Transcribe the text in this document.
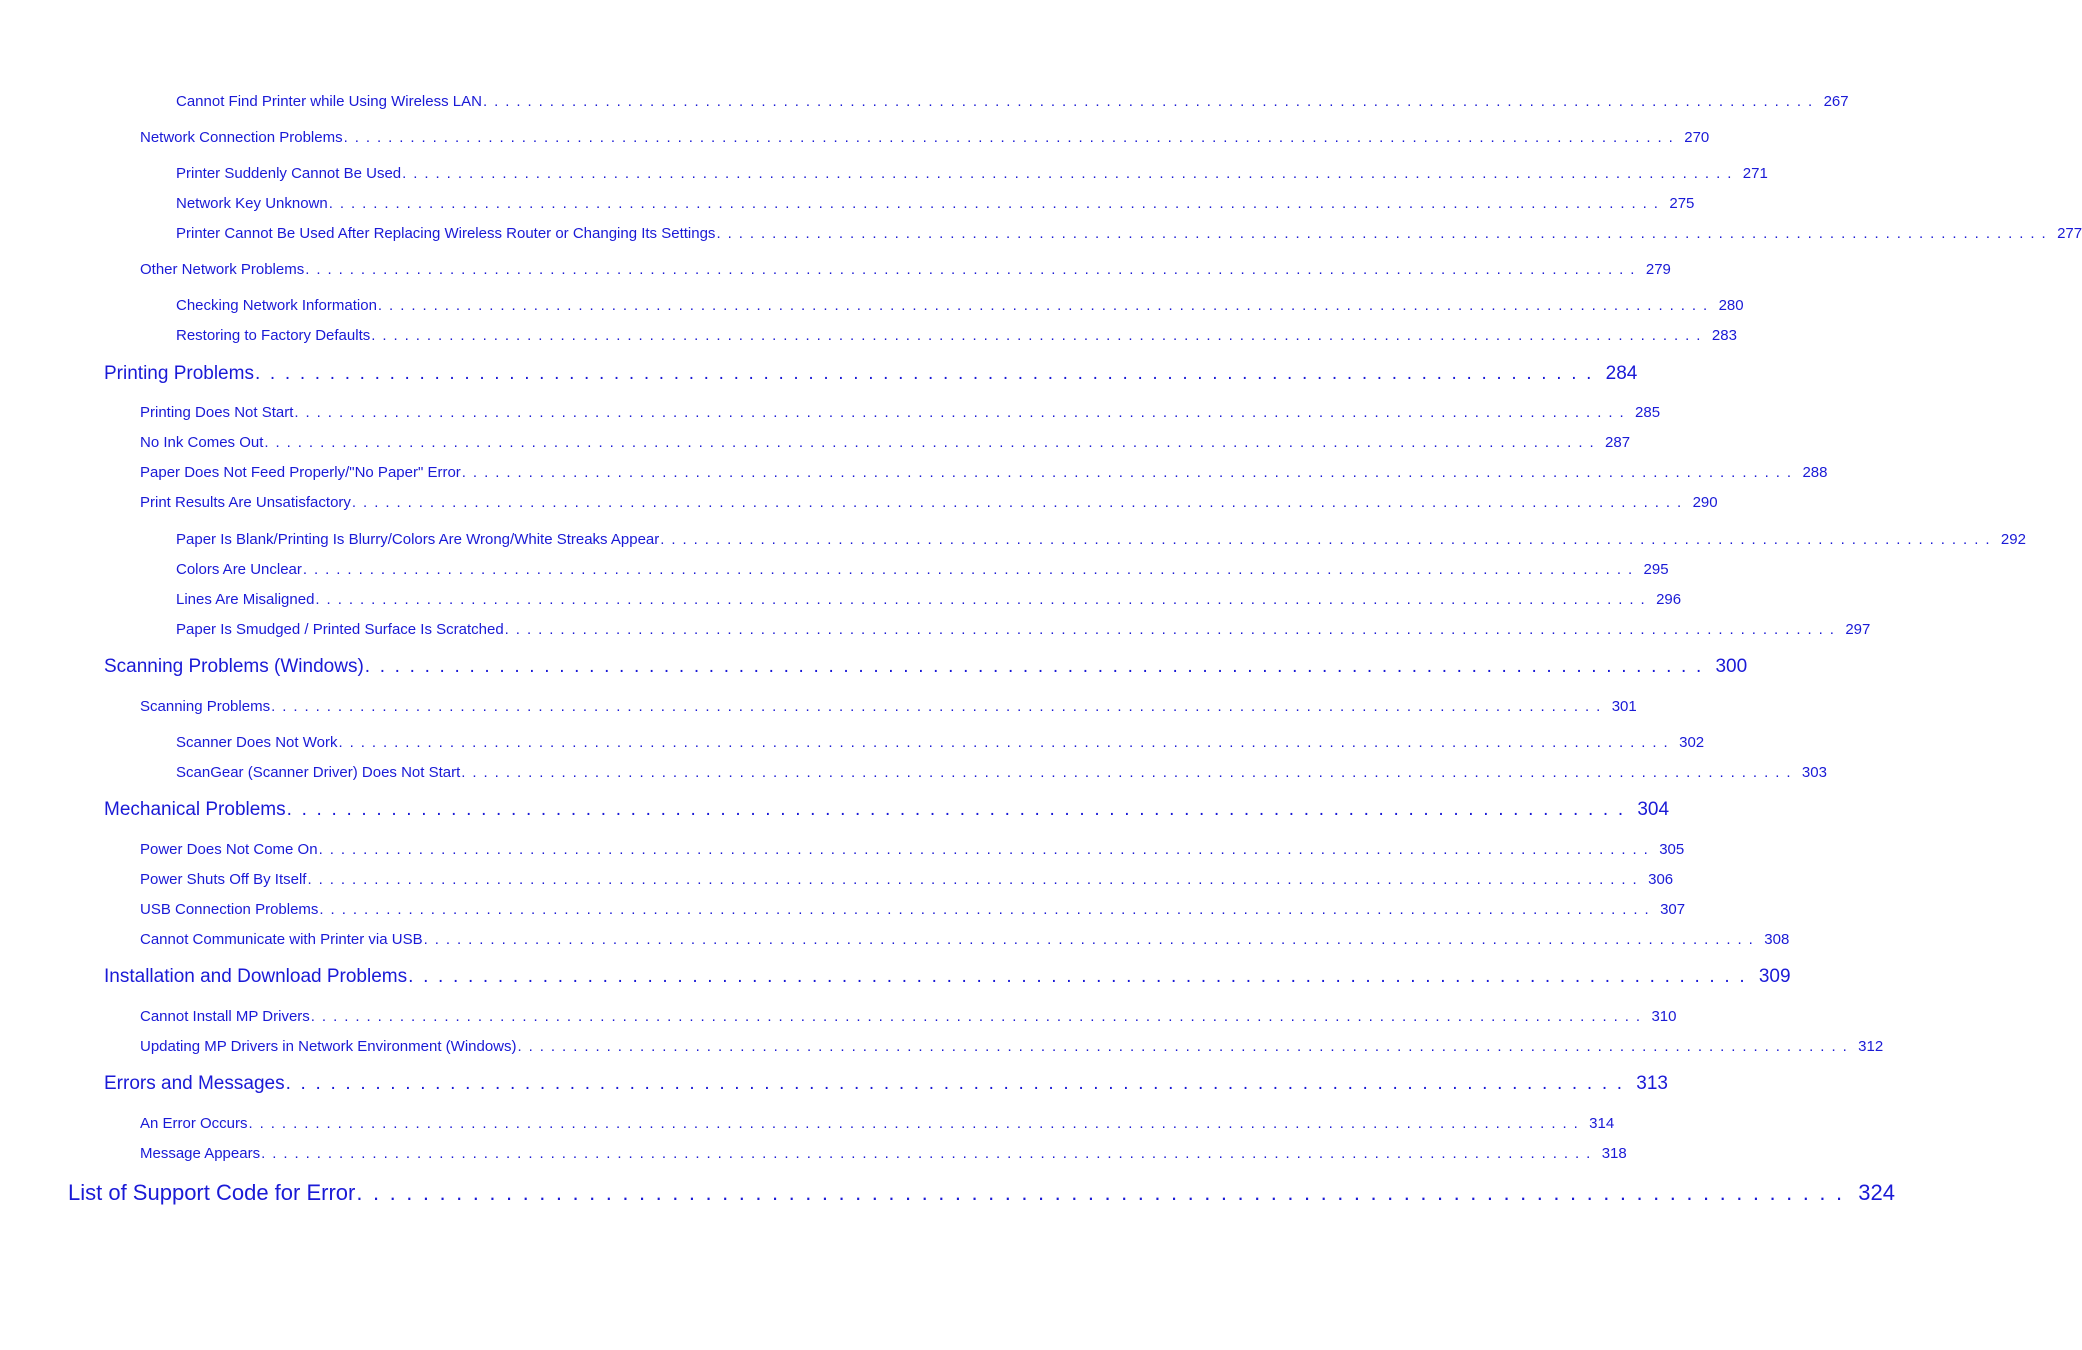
Cannot Find Printer while Using Wireless LAN . . . . . . . . . . . . . . . . . . . . . . . . . . . . . . . . . . . . . . . . . . . . . . . . . . . . . . . . . . . . . . . . . . . . . . . . . . . . . . . . . . . . . . . . . . . . . . . . . . . . . . . . . . . . . . . . . . . . . . . . 267
Network Connection Problems . . . . . . . . . . . . . . . . . . . . . . . . . . . . . . . . . . . . . . . . . . . . . . . . . . . . . . . . . . . . . . . . . . . . . . . . . . . . . . . . . . . . . . . . . . . . . . . . . . . . . . . . . . . . . . . . . . . . . . . . 270
Printer Suddenly Cannot Be Used . . . . . . . . . . . . . . . . . . . . . . . . . . . . . . . . . . . . . . . . . . . . . . . . . . . . . . . . . . . . . . . . . . . . . . . . . . . . . . . . . . . . . . . . . . . . . . . . . . . . . . . . . . . . . . . . . . . . . . . . 271
Network Key Unknown . . . . . . . . . . . . . . . . . . . . . . . . . . . . . . . . . . . . . . . . . . . . . . . . . . . . . . . . . . . . . . . . . . . . . . . . . . . . . . . . . . . . . . . . . . . . . . . . . . . . . . . . . . . . . . . . . . . . . . . . 275
Printer Cannot Be Used After Replacing Wireless Router or Changing Its Settings . . . . . . . . . . . . . . . . . . . . . . . . . . . . . . . . . . . . . . . . . . . . . . . . . . . . . . . . . . . . . . . . . . . . . . . . . . . . . . . . . . . . . . . . . . . . . . . . . . . . . . . . . . . . . . . . . . . . . . . . 277
Other Network Problems . . . . . . . . . . . . . . . . . . . . . . . . . . . . . . . . . . . . . . . . . . . . . . . . . . . . . . . . . . . . . . . . . . . . . . . . . . . . . . . . . . . . . . . . . . . . . . . . . . . . . . . . . . . . . . . . . . . . . . . . 279
Checking Network Information . . . . . . . . . . . . . . . . . . . . . . . . . . . . . . . . . . . . . . . . . . . . . . . . . . . . . . . . . . . . . . . . . . . . . . . . . . . . . . . . . . . . . . . . . . . . . . . . . . . . . . . . . . . . . . . . . . . . . . . . 280
Restoring to Factory Defaults . . . . . . . . . . . . . . . . . . . . . . . . . . . . . . . . . . . . . . . . . . . . . . . . . . . . . . . . . . . . . . . . . . . . . . . . . . . . . . . . . . . . . . . . . . . . . . . . . . . . . . . . . . . . . . . . . . . . . . . . 283
Printing Problems . . . . . . . . . . . . . . . . . . . . . . . . . . . . . . . . . . . . . . . . . . . . . . . . . . . . . . . . . . . . . . . . . . . . . . . . . . . . . . . . . . . . . . . . . . 284
Printing Does Not Start . . . . . . . . . . . . . . . . . . . . . . . . . . . . . . . . . . . . . . . . . . . . . . . . . . . . . . . . . . . . . . . . . . . . . . . . . . . . . . . . . . . . . . . . . . . . . . . . . . . . . . . . . . . . . . . . . . . . . . . . 285
No Ink Comes Out . . . . . . . . . . . . . . . . . . . . . . . . . . . . . . . . . . . . . . . . . . . . . . . . . . . . . . . . . . . . . . . . . . . . . . . . . . . . . . . . . . . . . . . . . . . . . . . . . . . . . . . . . . . . . . . . . . . . . . . . 287
Paper Does Not Feed Properly/"No Paper" Error . . . . . . . . . . . . . . . . . . . . . . . . . . . . . . . . . . . . . . . . . . . . . . . . . . . . . . . . . . . . . . . . . . . . . . . . . . . . . . . . . . . . . . . . . . . . . . . . . . . . . . . . . . . . . . . . . . . . . . . . 288
Print Results Are Unsatisfactory . . . . . . . . . . . . . . . . . . . . . . . . . . . . . . . . . . . . . . . . . . . . . . . . . . . . . . . . . . . . . . . . . . . . . . . . . . . . . . . . . . . . . . . . . . . . . . . . . . . . . . . . . . . . . . . . . . . . . . . . 290
Paper Is Blank/Printing Is Blurry/Colors Are Wrong/White Streaks Appear . . . . . . . . . . . . . . . . . . . . . . . . . . . . . . . . . . . . . . . . . . . . . . . . . . . . . . . . . . . . . . . . . . . . . . . . . . . . . . . . . . . . . . . . . . . . . . . . . . . . . . . . . . . . . . . . . . . . . . . . 292
Colors Are Unclear . . . . . . . . . . . . . . . . . . . . . . . . . . . . . . . . . . . . . . . . . . . . . . . . . . . . . . . . . . . . . . . . . . . . . . . . . . . . . . . . . . . . . . . . . . . . . . . . . . . . . . . . . . . . . . . . . . . . . . . . 295
Lines Are Misaligned . . . . . . . . . . . . . . . . . . . . . . . . . . . . . . . . . . . . . . . . . . . . . . . . . . . . . . . . . . . . . . . . . . . . . . . . . . . . . . . . . . . . . . . . . . . . . . . . . . . . . . . . . . . . . . . . . . . . . . . . 296
Paper Is Smudged / Printed Surface Is Scratched . . . . . . . . . . . . . . . . . . . . . . . . . . . . . . . . . . . . . . . . . . . . . . . . . . . . . . . . . . . . . . . . . . . . . . . . . . . . . . . . . . . . . . . . . . . . . . . . . . . . . . . . . . . . . . . . . . . . . . . . 297
Scanning Problems (Windows) . . . . . . . . . . . . . . . . . . . . . . . . . . . . . . . . . . . . . . . . . . . . . . . . . . . . . . . . . . . . . . . . . . . . . . . . . . . . . . . . . . . . . . . . . . 300
Scanning Problems . . . . . . . . . . . . . . . . . . . . . . . . . . . . . . . . . . . . . . . . . . . . . . . . . . . . . . . . . . . . . . . . . . . . . . . . . . . . . . . . . . . . . . . . . . . . . . . . . . . . . . . . . . . . . . . . . . . . . . . . 301
Scanner Does Not Work . . . . . . . . . . . . . . . . . . . . . . . . . . . . . . . . . . . . . . . . . . . . . . . . . . . . . . . . . . . . . . . . . . . . . . . . . . . . . . . . . . . . . . . . . . . . . . . . . . . . . . . . . . . . . . . . . . . . . . . . 302
ScanGear (Scanner Driver) Does Not Start . . . . . . . . . . . . . . . . . . . . . . . . . . . . . . . . . . . . . . . . . . . . . . . . . . . . . . . . . . . . . . . . . . . . . . . . . . . . . . . . . . . . . . . . . . . . . . . . . . . . . . . . . . . . . . . . . . . . . . . . 303
Mechanical Problems . . . . . . . . . . . . . . . . . . . . . . . . . . . . . . . . . . . . . . . . . . . . . . . . . . . . . . . . . . . . . . . . . . . . . . . . . . . . . . . . . . . . . . . . . . 304
Power Does Not Come On . . . . . . . . . . . . . . . . . . . . . . . . . . . . . . . . . . . . . . . . . . . . . . . . . . . . . . . . . . . . . . . . . . . . . . . . . . . . . . . . . . . . . . . . . . . . . . . . . . . . . . . . . . . . . . . . . . . . . . . . 305
Power Shuts Off By Itself . . . . . . . . . . . . . . . . . . . . . . . . . . . . . . . . . . . . . . . . . . . . . . . . . . . . . . . . . . . . . . . . . . . . . . . . . . . . . . . . . . . . . . . . . . . . . . . . . . . . . . . . . . . . . . . . . . . . . . . . 306
USB Connection Problems . . . . . . . . . . . . . . . . . . . . . . . . . . . . . . . . . . . . . . . . . . . . . . . . . . . . . . . . . . . . . . . . . . . . . . . . . . . . . . . . . . . . . . . . . . . . . . . . . . . . . . . . . . . . . . . . . . . . . . . . 307
Cannot Communicate with Printer via USB . . . . . . . . . . . . . . . . . . . . . . . . . . . . . . . . . . . . . . . . . . . . . . . . . . . . . . . . . . . . . . . . . . . . . . . . . . . . . . . . . . . . . . . . . . . . . . . . . . . . . . . . . . . . . . . . . . . . . . . . 308
Installation and Download Problems . . . . . . . . . . . . . . . . . . . . . . . . . . . . . . . . . . . . . . . . . . . . . . . . . . . . . . . . . . . . . . . . . . . . . . . . . . . . . . . . . . . . . . . . . . 309
Cannot Install MP Drivers . . . . . . . . . . . . . . . . . . . . . . . . . . . . . . . . . . . . . . . . . . . . . . . . . . . . . . . . . . . . . . . . . . . . . . . . . . . . . . . . . . . . . . . . . . . . . . . . . . . . . . . . . . . . . . . . . . . . . . . . 310
Updating MP Drivers in Network Environment (Windows) . . . . . . . . . . . . . . . . . . . . . . . . . . . . . . . . . . . . . . . . . . . . . . . . . . . . . . . . . . . . . . . . . . . . . . . . . . . . . . . . . . . . . . . . . . . . . . . . . . . . . . . . . . . . . . . . . . . . . . . . 312
Errors and Messages . . . . . . . . . . . . . . . . . . . . . . . . . . . . . . . . . . . . . . . . . . . . . . . . . . . . . . . . . . . . . . . . . . . . . . . . . . . . . . . . . . . . . . . . . . 313
An Error Occurs . . . . . . . . . . . . . . . . . . . . . . . . . . . . . . . . . . . . . . . . . . . . . . . . . . . . . . . . . . . . . . . . . . . . . . . . . . . . . . . . . . . . . . . . . . . . . . . . . . . . . . . . . . . . . . . . . . . . . . . . 314
Message Appears . . . . . . . . . . . . . . . . . . . . . . . . . . . . . . . . . . . . . . . . . . . . . . . . . . . . . . . . . . . . . . . . . . . . . . . . . . . . . . . . . . . . . . . . . . . . . . . . . . . . . . . . . . . . . . . . . . . . . . . . 318
List of Support Code for Error . . . . . . . . . . . . . . . . . . . . . . . . . . . . . . . . . . . . . . . . . . . . . . . . . . . . . . . . . . . . . . . . . . . . . . . . . . . . . . . . . . . . . . . . . . 324
